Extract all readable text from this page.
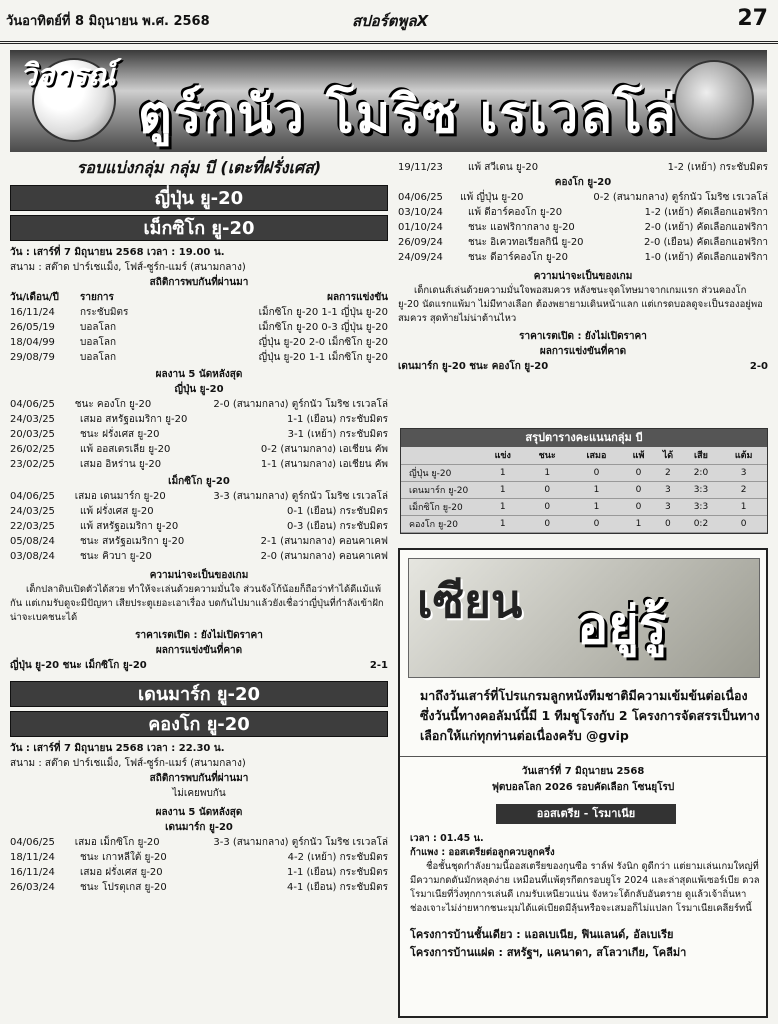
วันอาทิตย์ที่ 8 มิถุนายน พ.ศ. 2568	สปอร์ตพูลX	27
วิจารณ์
ตูร์กนัว โมริซ เรเวลโล่
รอบแบ่งกลุ่ม กลุ่ม บี (เตะที่ฝรั่งเศส)
ญี่ปุ่น ยู-20
เม็กซิโก ยู-20
วัน : เสาร์ที่ 7 มิถุนายน 2568 เวลา : 19.00 น.
สนาม : สต๊าด ปาร์เชแม็ง, โฟส์-ซูร์ก-แมร์ (สนามกลาง)
สถิติการพบกันที่ผ่านมา
วัน/เดือน/ปี	รายการ	ผลการแข่งขัน
16/11/24	กระชับมิตร	เม็กซิโก ยู-20 1-1 ญี่ปุ่น ยู-20
26/05/19	บอลโลก	เม็กซิโก ยู-20 0-3 ญี่ปุ่น ยู-20
18/04/99	บอลโลก	ญี่ปุ่น ยู-20 2-0 เม็กซิโก ยู-20
29/08/79	บอลโลก	ญี่ปุ่น ยู-20 1-1 เม็กซิโก ยู-20
ผลงาน 5 นัดหลังสุด
ญี่ปุ่น ยู-20
04/06/25	ชนะ คองโก ยู-20	2-0 (สนามกลาง) ตูร์กนัว โมริซ เรเวลโล่
24/03/25	เสมอ สหรัฐอเมริกา ยู-20	1-1 (เยือน) กระชับมิตร
20/03/25	ชนะ ฝรั่งเศส ยู-20	3-1 (เหย้า) กระชับมิตร
26/02/25	แพ้ ออสเตรเลีย ยู-20	0-2 (สนามกลาง) เอเชียน คัพ
23/02/25	เสมอ อิหร่าน ยู-20	1-1 (สนามกลาง) เอเชียน คัพ
เม็กซิโก ยู-20
04/06/25	เสมอ เดนมาร์ก ยู-20	3-3 (สนามกลาง) ตูร์กนัว โมริซ เรเวลโล่
24/03/25	แพ้ ฝรั่งเศส ยู-20	0-1 (เยือน) กระชับมิตร
22/03/25	แพ้ สหรัฐอเมริกา ยู-20	0-3 (เยือน) กระชับมิตร
05/08/24	ชนะ สหรัฐอเมริกา ยู-20	2-1 (สนามกลาง) คอนคาเคฟ
03/08/24	ชนะ คิวบา ยู-20	2-0 (สนามกลาง) คอนคาเคฟ
ความน่าจะเป็นของเกม
เด็กปลาดิบเปิดตัวได้สวย ทำให้จะเล่นด้วยความมั่นใจ ส่วนจังโก้น้อยก็ถือว่าทำได้ดีแม้แพ้กัน แต่เกมรับดูจะมีปัญหา เสียประตูเยอะเอาเรื่อง บดกันไปมาแล้วยังเชื่อว่าญี่ปุ่นที่กำลังเข้าฝักน่าจะเบคชนะได้
ราคาเรตเปิด : ยังไม่เปิดราคา
ผลการแข่งขันที่คาด
ญี่ปุ่น ยู-20 ชนะ เม็กซิโก ยู-20	2-1
เดนมาร์ก ยู-20
คองโก ยู-20
วัน : เสาร์ที่ 7 มิถุนายน 2568 เวลา : 22.30 น.
สนาม : สต๊าด ปาร์เชแม็ง, โฟส์-ซูร์ก-แมร์ (สนามกลาง)
สถิติการพบกันที่ผ่านมา
ไม่เคยพบกัน
ผลงาน 5 นัดหลังสุด
เดนมาร์ก ยู-20
04/06/25	เสมอ เม็กซิโก ยู-20	3-3 (สนามกลาง) ตูร์กนัว โมริซ เรเวลโล่
18/11/24	ชนะ เกาหลีใต้ ยู-20	4-2 (เหย้า) กระชับมิตร
16/11/24	เสมอ ฝรั่งเศส ยู-20	1-1 (เยือน) กระชับมิตร
26/03/24	ชนะ โปรตุเกส ยู-20	4-1 (เยือน) กระชับมิตร
19/11/23	แพ้ สวีเดน ยู-20	1-2 (เหย้า) กระชับมิตร
คองโก ยู-20
04/06/25	แพ้ ญี่ปุ่น ยู-20	0-2 (สนามกลาง) ตูร์กนัว โมริซ เรเวลโล่
03/10/24	แพ้ ดีอาร์คองโก ยู-20	1-2 (เหย้า) คัดเลือกแอฟริกา
01/10/24	ชนะ แอฟริกากลาง ยู-20	2-0 (เหย้า) คัดเลือกแอฟริกา
26/09/24	ชนะ อิเควทอเรียลกินี ยู-20	2-0 (เยือน) คัดเลือกแอฟริกา
24/09/24	ชนะ ดีอาร์คองโก ยู-20	1-0 (เหย้า) คัดเลือกแอฟริกา
ความน่าจะเป็นของเกม
เด็กเดนส์เล่นด้วยความมั่นใจพอสมควร หลังชนะจุดโทษมาจากเกมแรก ส่วนคองโก ยู-20 นัดแรกแพ้มา ไม่มีทางเลือก ต้องพยายามเดินหน้าแลก แต่เกรดบอลดูจะเป็นรองอยู่พอสมควร สุดท้ายไม่น่าต้านไหว
ราคาเรตเปิด : ยังไม่เปิดราคา
ผลการแข่งขันที่คาด
เดนมาร์ก ยู-20 ชนะ คองโก ยู-20	2-0
สรุปตารางคะแนนกลุ่ม บี
	แข่ง	ชนะ	เสมอ	แพ้	ได้	เสีย	แต้ม
ญี่ปุ่น ยู-20	1	1	0	0	2	2:0	3
เดนมาร์ก ยู-20	1	0	1	0	3	3:3	2
เม็กซิโก ยู-20	1	0	1	0	3	3:3	1
คองโก ยู-20	1	0	0	1	0	0:2	0
เซียน อยู่รู้
มาถึงวันเสาร์ที่โปรแกรมลูกหนังทีมชาติมีความเข้มข้นต่อเนื่อง ซึ่งวันนี้ทางคอลัมน์นี้มี 1 ทีมชูโรงกับ 2 โครงการจัดสรรเป็นทางเลือกให้แก่ทุกท่านต่อเนื่องครับ @gvip
วันเสาร์ที่ 7 มิถุนายน 2568
ฟุตบอลโลก 2026 รอบคัดเลือก โซนยุโรป
ออสเตรีย - โรมาเนีย
เวลา : 01.45 น.
ก้าแพง : ออสเตรียต่อลูกควบลูกครึ่ง
ชื่อชั้นชุดกำลังยามนี้ออสเตรียของกุนซือ ราล์ฟ รังนิก ดูดีกว่า แต่ยามเล่นเกมใหญ่ที่มีความกดดันมักหลุดง่าย เหมือนที่แพ้ตุรกีตกรอบยูโร 2024 และล่าสุดแพ้เซอร์เบีย ดวลโรมาเนียที่วิ่งทุกการเล่นดี เกมรับเหนียวแน่น จังหวะโต้กลับอันตราย ดูแล้วเจ้าถิ่นหาช่องเจาะไม่ง่ายหากชนะมุมได้แค่เบียดมีลุ้นหรือจะเสมอก็ไม่แปลก โรมาเนียเคลียร์ทนี้
โครงการบ้านชั้นเดียว : แอลเบเนีย, ฟินแลนด์, อัลเบเรีย
โครงการบ้านแฝด : สหรัฐฯ, แคนาดา, สโลวาเกีย, โคลีม่า
